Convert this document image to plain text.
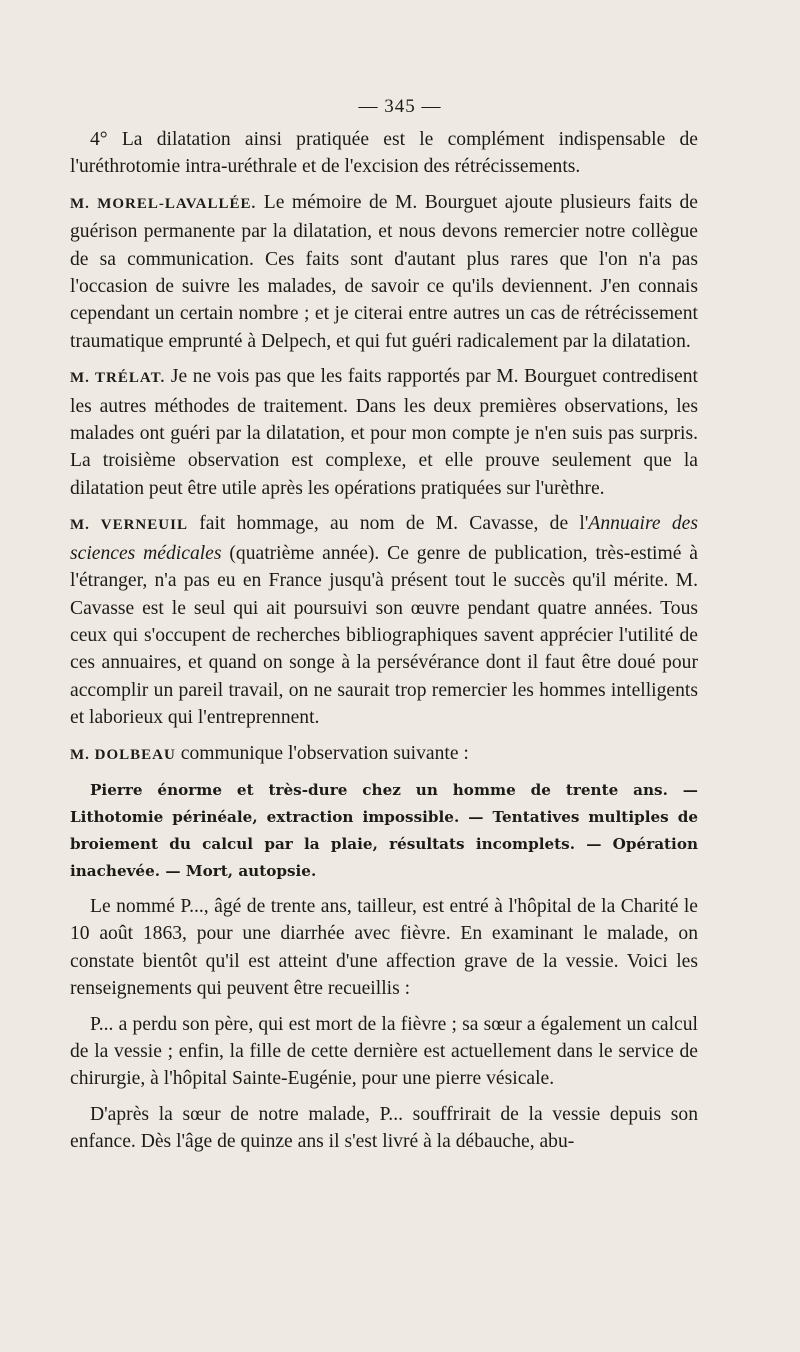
— 345 —

4° La dilatation ainsi pratiquée est le complément indispensable de l'uréthrotomie intra-uréthrale et de l'excision des rétrécissements.

M. MOREL-LAVALLÉE. Le mémoire de M. Bourguet ajoute plusieurs faits de guérison permanente par la dilatation, et nous devons remercier notre collègue de sa communication. Ces faits sont d'autant plus rares que l'on n'a pas l'occasion de suivre les malades, de savoir ce qu'ils deviennent. J'en connais cependant un certain nombre ; et je citerai entre autres un cas de rétrécissement traumatique emprunté à Delpech, et qui fut guéri radicalement par la dilatation.

M. TRÉLAT. Je ne vois pas que les faits rapportés par M. Bourguet contredisent les autres méthodes de traitement. Dans les deux premières observations, les malades ont guéri par la dilatation, et pour mon compte je n'en suis pas surpris. La troisième observation est complexe, et elle prouve seulement que la dilatation peut être utile après les opérations pratiquées sur l'urèthre.

M. VERNEUIL fait hommage, au nom de M. Cavasse, de l'Annuaire des sciences médicales (quatrième année). Ce genre de publication, très-estimé à l'étranger, n'a pas eu en France jusqu'à présent tout le succès qu'il mérite. M. Cavasse est le seul qui ait poursuivi son œuvre pendant quatre années. Tous ceux qui s'occupent de recherches bibliographiques savent apprécier l'utilité de ces annuaires, et quand on songe à la persévérance dont il faut être doué pour accomplir un pareil travail, on ne saurait trop remercier les hommes intelligents et laborieux qui l'entreprennent.

M. DOLBEAU communique l'observation suivante :

Pierre énorme et très-dure chez un homme de trente ans. — Lithotomie périnéale, extraction impossible. — Tentatives multiples de broiement du calcul par la plaie, résultats incomplets. — Opération inachevée. — Mort, autopsie.

Le nommé P..., âgé de trente ans, tailleur, est entré à l'hôpital de la Charité le 10 août 1863, pour une diarrhée avec fièvre. En examinant le malade, on constate bientôt qu'il est atteint d'une affection grave de la vessie. Voici les renseignements qui peuvent être recueillis :

P... a perdu son père, qui est mort de la fièvre ; sa sœur a également un calcul de la vessie ; enfin, la fille de cette dernière est actuellement dans le service de chirurgie, à l'hôpital Sainte-Eugénie, pour une pierre vésicale.

D'après la sœur de notre malade, P... souffrirait de la vessie depuis son enfance. Dès l'âge de quinze ans il s'est livré à la débauche, abu-
